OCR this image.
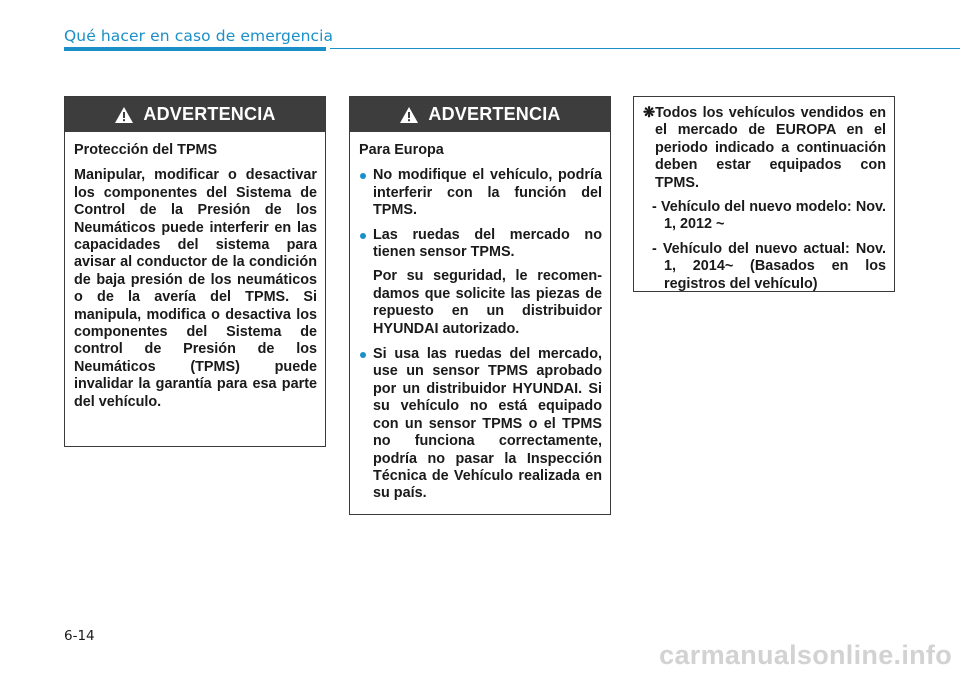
Qué hacer en caso de emergencia
ADVERTENCIA

Protección del TPMS

Manipular, modificar o desactivar los componentes del Sistema de Control de la Presión de los Neumáticos puede interferir en las capacidades del sistema para avisar al conductor de la condición de baja presión de los neumáticos o de la avería del TPMS. Si manipula, modifica o desactiva los componentes del Sistema de control de Presión de los Neumáticos (TPMS) puede invalidar la garantía para esa parte del vehículo.

ADVERTENCIA

Para Europa

No modifique el vehículo, podría interferir con la función del TPMS.
Las ruedas del mercado no tienen sensor TPMS.

Por su seguridad, le recomen-damos que solicite las piezas de repuesto en un distribuidor HYUNDAI autorizado.

Si usa las ruedas del mercado, use un sensor TPMS aprobado por un distribuidor HYUNDAI. Si su vehículo no está equipado con un sensor TPMS o el TPMS no funciona correctamente, podría no pasar la Inspección Técnica de Vehículo realizada en su país.
❋Todos los vehículos vendidos en el mercado de EUROPA en el periodo indicado a continuación deben estar equipados con TPMS.
- Vehículo del nuevo modelo: Nov. 1, 2012 ~
- Vehículo del nuevo actual: Nov. 1, 2014~ (Basados en los registros del vehículo)
6-14
carmanualsonline.info
